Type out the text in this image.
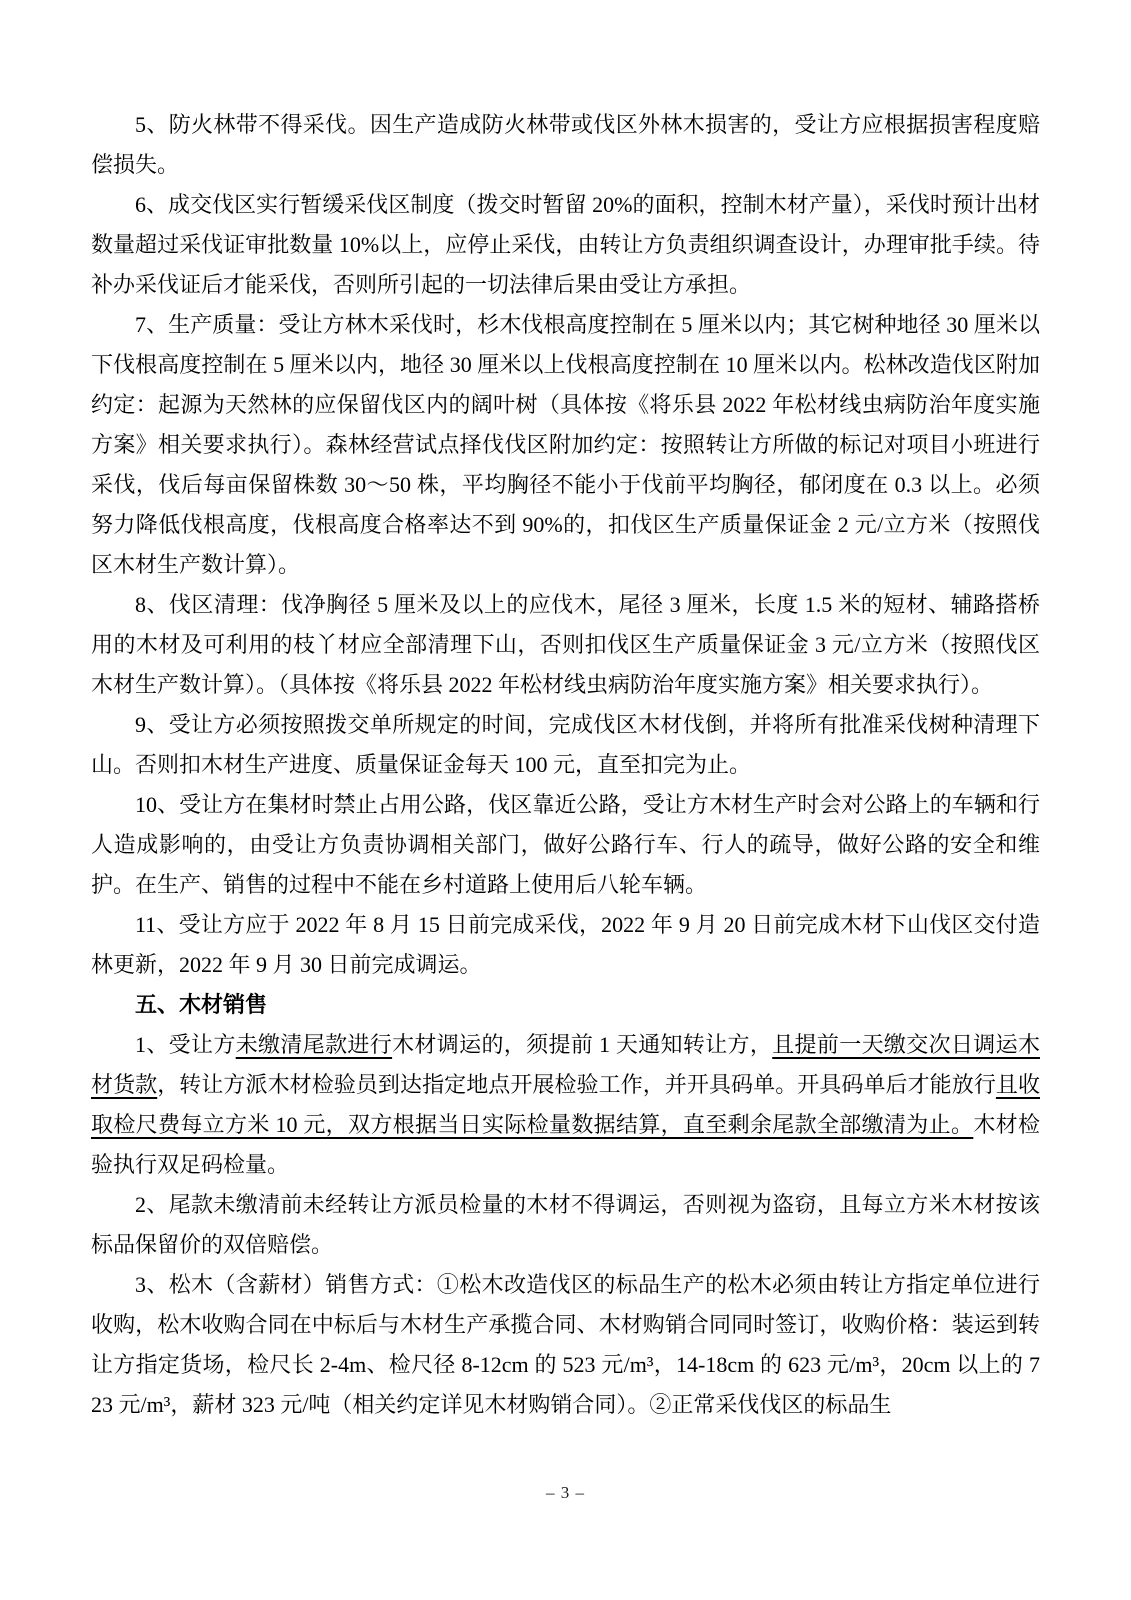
5、防火林带不得采伐。因生产造成防火林带或伐区外林木损害的，受让方应根据损害程度赔偿损失。

6、成交伐区实行暂缓采伐区制度（拨交时暂留 20%的面积，控制木材产量），采伐时预计出材数量超过采伐证审批数量 10%以上，应停止采伐，由转让方负责组织调查设计，办理审批手续。待补办采伐证后才能采伐，否则所引起的一切法律后果由受让方承担。

7、生产质量：受让方林木采伐时，杉木伐根高度控制在 5 厘米以内；其它树种地径 30 厘米以下伐根高度控制在 5 厘米以内，地径 30 厘米以上伐根高度控制在 10 厘米以内。松林改造伐区附加约定：起源为天然林的应保留伐区内的阔叶树（具体按《将乐县 2022 年松材线虫病防治年度实施方案》相关要求执行）。森林经营试点择伐伐区附加约定：按照转让方所做的标记对项目小班进行采伐，伐后每亩保留株数 30～50 株，平均胸径不能小于伐前平均胸径，郁闭度在 0.3 以上。必须努力降低伐根高度，伐根高度合格率达不到 90%的，扣伐区生产质量保证金 2 元/立方米（按照伐区木材生产数计算）。

8、伐区清理：伐净胸径 5 厘米及以上的应伐木，尾径 3 厘米，长度 1.5 米的短材、辅路搭桥用的木材及可利用的枝丫材应全部清理下山，否则扣伐区生产质量保证金 3 元/立方米（按照伐区木材生产数计算）。（具体按《将乐县 2022 年松材线虫病防治年度实施方案》相关要求执行）。

9、受让方必须按照拨交单所规定的时间，完成伐区木材伐倒，并将所有批准采伐树种清理下山。否则扣木材生产进度、质量保证金每天 100 元，直至扣完为止。

10、受让方在集材时禁止占用公路，伐区靠近公路，受让方木材生产时会对公路上的车辆和行人造成影响的，由受让方负责协调相关部门，做好公路行车、行人的疏导，做好公路的安全和维护。在生产、销售的过程中不能在乡村道路上使用后八轮车辆。

11、受让方应于 2022 年 8 月 15 日前完成采伐，2022 年 9 月 20 日前完成木材下山伐区交付造林更新，2022 年 9 月 30 日前完成调运。

五、木材销售

1、受让方未缴清尾款进行木材调运的，须提前 1 天通知转让方，且提前一天缴交次日调运木材货款，转让方派木材检验员到达指定地点开展检验工作，并开具码单。开具码单后才能放行且收取检尺费每立方米 10 元，双方根据当日实际检量数据结算，直至剩余尾款全部缴清为止。木材检验执行双足码检量。

2、尾款未缴清前未经转让方派员检量的木材不得调运，否则视为盗窃，且每立方米木材按该标品保留价的双倍赔偿。

3、松木（含薪材）销售方式：①松木改造伐区的标品生产的松木必须由转让方指定单位进行收购，松木收购合同在中标后与木材生产承揽合同、木材购销合同同时签订，收购价格：装运到转让方指定货场，检尺长 2-4m、检尺径 8-12cm 的 523 元/m³，14-18cm 的 623 元/m³，20cm 以上的 723 元/m³，薪材 323 元/吨（相关约定详见木材购销合同）。②正常采伐伐区的标品生

– 3 –
